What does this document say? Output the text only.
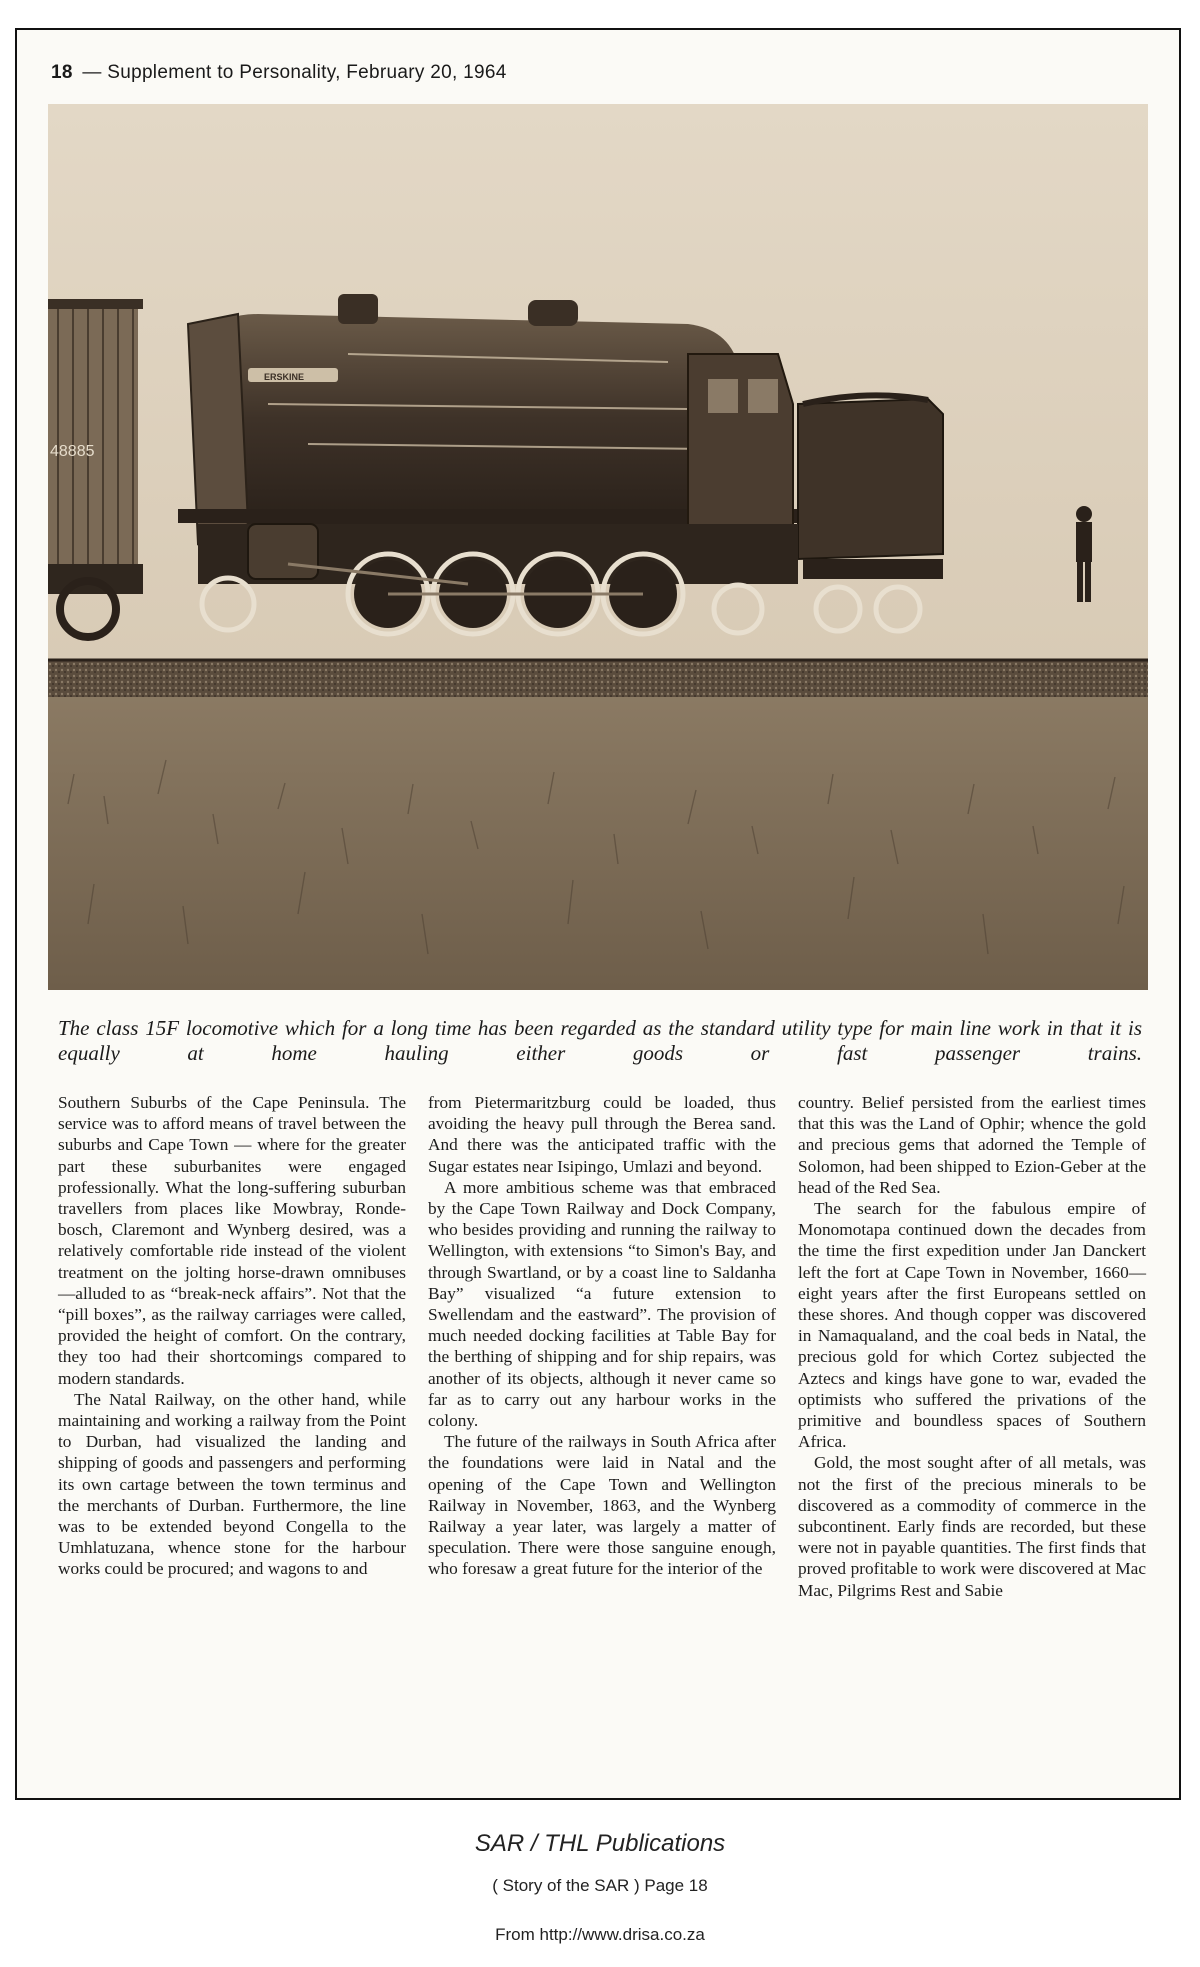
18 — Supplement to Personality, February 20, 1964
48885
ERSKINE
The class 15F locomotive which for a long time has been regarded as the standard utility type for main line work in that it is equally at home hauling either goods or fast passenger trains.

Southern Suburbs of the Cape Peninsula. The service was to afford means of travel between the suburbs and Cape Town — where for the greater part these suburbanites were engaged professionally. What the long-suffering suburban travellers from places like Mowbray, Rondebosch, Claremont and Wynberg desired, was a relatively comfortable ride instead of the violent treatment on the jolting horse-drawn omnibuses —alluded to as “break-neck affairs”. Not that the “pill boxes”, as the railway carriages were called, provided the height of comfort. On the contrary, they too had their shortcomings compared to modern standards.

The Natal Railway, on the other hand, while maintaining and working a railway from the Point to Durban, had visualized the landing and shipping of goods and passengers and performing its own cartage between the town terminus and the merchants of Durban. Furthermore, the line was to be extended beyond Congella to the Umhlatuzana, whence stone for the harbour works could be procured; and wagons to and

from Pietermaritzburg could be loaded, thus avoiding the heavy pull through the Berea sand. And there was the anticipated traffic with the Sugar estates near Isipingo, Umlazi and beyond.

A more ambitious scheme was that embraced by the Cape Town Railway and Dock Company, who besides providing and running the railway to Wellington, with extensions “to Simon's Bay, and through Swartland, or by a coast line to Saldanha Bay” visualized “a future extension to Swellendam and the eastward”. The provision of much needed docking facilities at Table Bay for the berthing of shipping and for ship repairs, was another of its objects, although it never came so far as to carry out any harbour works in the colony.

The future of the railways in South Africa after the foundations were laid in Natal and the opening of the Cape Town and Wellington Railway in November, 1863, and the Wynberg Railway a year later, was largely a matter of speculation. There were those sanguine enough, who foresaw a great future for the interior of the

country. Belief persisted from the earliest times that this was the Land of Ophir; whence the gold and precious gems that adorned the Temple of Solomon, had been shipped to Ezion-Geber at the head of the Red Sea.

The search for the fabulous empire of Monomotapa continued down the decades from the time the first expedition under Jan Danckert left the fort at Cape Town in November, 1660—eight years after the first Europeans settled on these shores. And though copper was discovered in Namaqualand, and the coal beds in Natal, the precious gold for which Cortez subjected the Aztecs and kings have gone to war, evaded the optimists who suffered the privations of the primitive and boundless spaces of Southern Africa.

Gold, the most sought after of all metals, was not the first of the precious minerals to be discovered as a commodity of commerce in the subcontinent. Early finds are recorded, but these were not in payable quantities. The first finds that proved profitable to work were discovered at Mac Mac, Pilgrims Rest and Sabie

SAR / THL Publications
( Story of the SAR ) Page 18
From http://www.drisa.co.za
